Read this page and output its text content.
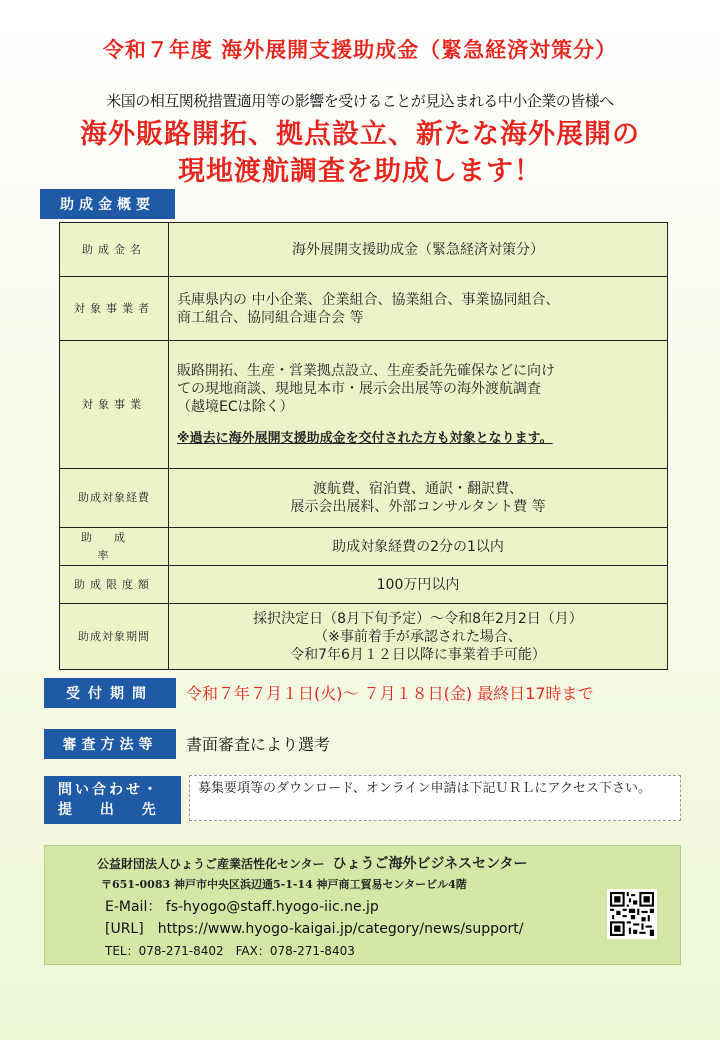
令和７年度 海外展開支援助成金（緊急経済対策分）
米国の相互関税措置適用等の影響を受けることが見込まれる中小企業の皆様へ
海外販路開拓、拠点設立、新たな海外展開の
現地渡航調査を助成します！
助成金概要
助成金名	海外展開支援助成金（緊急経済対策分）
対象事業者	兵庫県内の 中小企業、企業組合、協業組合、事業協同組合、
商工組合、協同組合連合会 等

対象事業	販路開拓、生産・営業拠点設立、生産委託先確保などに向け
ての現地商談、現地見本市・展示会出展等の海外渡航調査
（越境ECは除く）
※過去に海外展開支援助成金を交付された方も対象となります。

助成対象経費	渡航費、宿泊費、通訳・翻訳費、
展示会出展料、外部コンサルタント費 等

助成率	助成対象経費の2分の1以内
助成限度額	100万円以内
助成対象期間	採択決定日（8月下旬予定）～令和8年2月2日（月）
（※事前着手が承認された場合、
令和7年6月１２日以降に事業着手可能）
受付期間	令和７年７月１日(火)～ ７月１８日(金) 最終日17時まで
審査方法等	書面審査により選考
問い合わせ・
提　 出　 先
募集要項等のダウンロード、オンライン申請は下記ＵＲＬにアクセス下さい。
公益財団法人ひょうご産業活性化センター ひょうご海外ビジネスセンター
〒651-0083 神戸市中央区浜辺通5-1-14 神戸商工貿易センタービル4階
E-Mail： fs-hyogo@staff.hyogo-iic.ne.jp
[URL]　https://www.hyogo-kaigai.jp/category/news/support/
TEL：078-271-8402　FAX：078-271-8403
